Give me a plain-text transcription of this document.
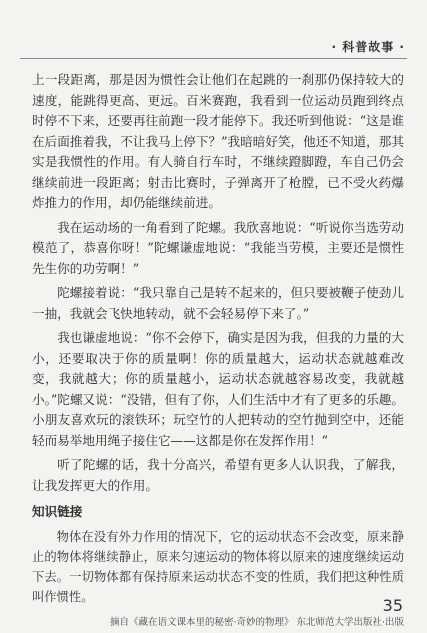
· 科普故事 ·

上一段距离，那是因为惯性会让他们在起跳的一刹那仍保持较大的速度，能跳得更高、更远。百米赛跑，我看到一位运动员跑到终点时停不下来，还要再往前跑一段才能停下。我还听到他说：“这是谁在后面推着我，不让我马上停下？”我暗暗好笑，他还不知道，那其实是我惯性的作用。有人骑自行车时，不继续蹬脚蹬，车自己仍会继续前进一段距离；射击比赛时，子弹离开了枪膛，已不受火药爆炸推力的作用，却仍能继续前进。

我在运动场的一角看到了陀螺。我欣喜地说：“听说你当选劳动模范了，恭喜你呀！”陀螺谦虚地说：“我能当劳模，主要还是惯性先生你的功劳啊！”

陀螺接着说：“我只靠自己是转不起来的，但只要被鞭子使劲儿一抽，我就会飞快地转动，就不会轻易停下来了。”

我也谦虚地说：“你不会停下，确实是因为我，但我的力量的大小，还要取决于你的质量啊！你的质量越大，运动状态就越难改变，我就越大；你的质量越小，运动状态就越容易改变，我就越小。”陀螺又说：“没错，但有了你，人们生活中才有了更多的乐趣。小朋友喜欢玩的滚铁环；玩空竹的人把转动的空竹抛到空中，还能轻而易举地用绳子接住它——这都是你在发挥作用！”

听了陀螺的话，我十分高兴，希望有更多人认识我，了解我，让我发挥更大的作用。

知识链接
物体在没有外力作用的情况下，它的运动状态不会改变，原来静止的物体将继续静止，原来匀速运动的物体将以原来的速度继续运动下去。一切物体都有保持原来运动状态不变的性质，我们把这种性质叫作惯性。
摘自《藏在语文课本里的秘密·奇妙的物理》 东北师范大学出版社·出版
35
